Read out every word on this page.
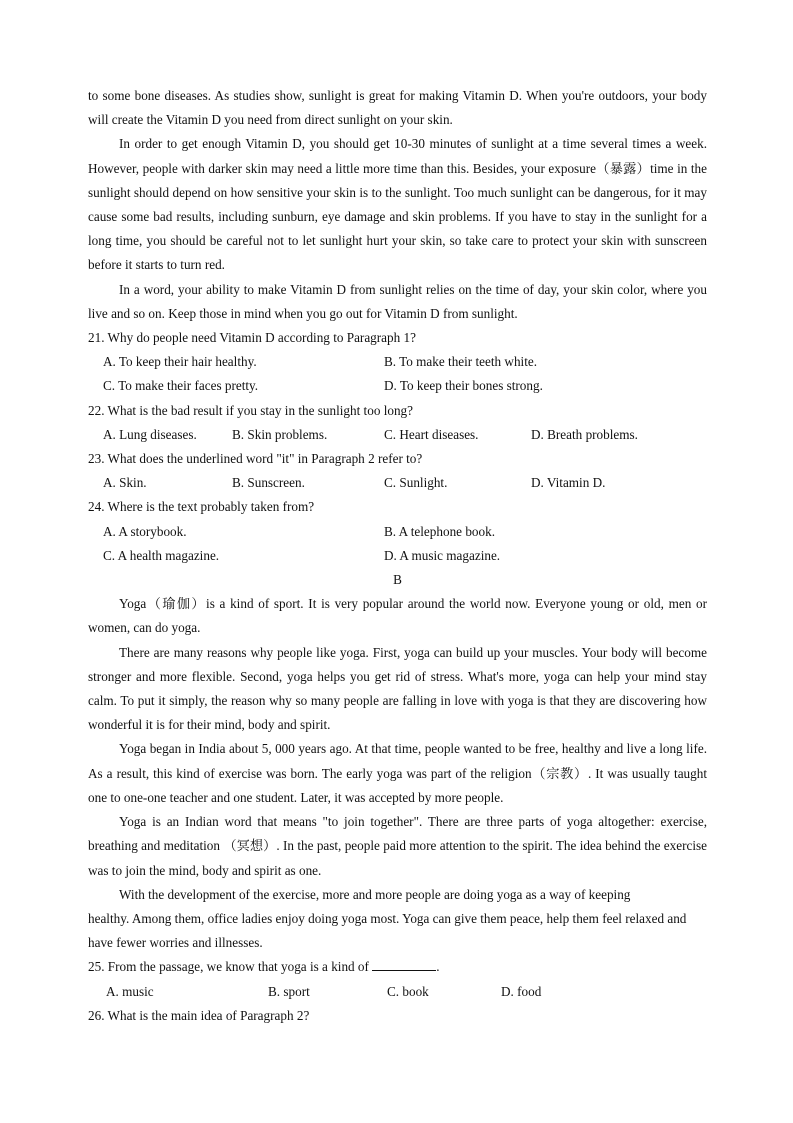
to some bone diseases. As studies show, sunlight is great for making Vitamin D. When you're outdoors, your body will create the Vitamin D you need from direct sunlight on your skin.

In order to get enough Vitamin D, you should get 10-30 minutes of sunlight at a time several times a week. However, people with darker skin may need a little more time than this. Besides, your exposure（暴露）time in the sunlight should depend on how sensitive your skin is to the sunlight. Too much sunlight can be dangerous, for it may cause some bad results, including sunburn, eye damage and skin problems. If you have to stay in the sunlight for a long time, you should be careful not to let sunlight hurt your skin, so take care to protect your skin with sunscreen before it starts to turn red.

In a word, your ability to make Vitamin D from sunlight relies on the time of day, your skin color, where you live and so on. Keep those in mind when you go out for Vitamin D from sunlight.

21. Why do people need Vitamin D according to Paragraph 1?

A. To keep their hair healthy.	B. To make their teeth white.
C. To make their faces pretty.	D. To keep their bones strong.

22. What is the bad result if you stay in the sunlight too long?

A. Lung diseases.	B. Skin problems.	C. Heart diseases.	D. Breath problems.

23. What does the underlined word "it" in Paragraph 2 refer to?

A. Skin.	B. Sunscreen.	C. Sunlight.	D. Vitamin D.

24. Where is the text probably taken from?

A. A storybook.	B. A telephone book.
C. A health magazine.	D. A music magazine.

B

Yoga（瑜伽）is a kind of sport. It is very popular around the world now. Everyone young or old, men or women, can do yoga.

There are many reasons why people like yoga. First, yoga can build up your muscles. Your body will become stronger and more flexible. Second, yoga helps you get rid of stress. What's more, yoga can help your mind stay calm. To put it simply, the reason why so many people are falling in love with yoga is that they are discovering how wonderful it is for their mind, body and spirit.

Yoga began in India about 5, 000 years ago. At that time, people wanted to be free, healthy and live a long life. As a result, this kind of exercise was born. The early yoga was part of the religion（宗教）. It was usually taught one to one-one teacher and one student. Later, it was accepted by more people.

Yoga is an Indian word that means "to join together". There are three parts of yoga altogether: exercise, breathing and meditation （冥想）. In the past, people paid more attention to the spirit. The idea behind the exercise was to join the mind, body and spirit as one.

With the development of the exercise, more and more people are doing yoga as a way of keeping

healthy. Among them, office ladies enjoy doing yoga most. Yoga can give them peace, help them feel relaxed and have fewer worries and illnesses.

25. From the passage, we know that yoga is a kind of	.

A. music	B. sport	C. book	D. food

26. What is the main idea of Paragraph 2?
